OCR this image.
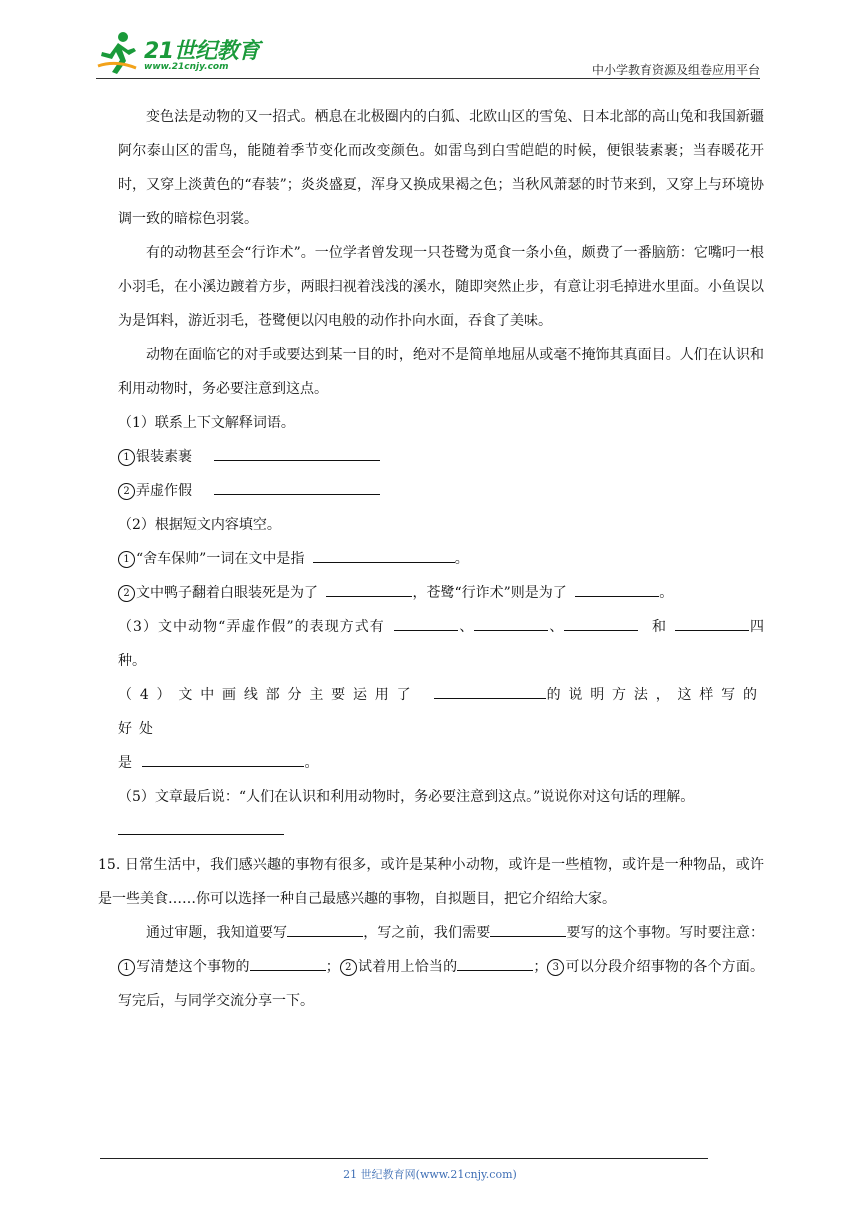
21世纪教育
www.21cnjy.com	中小学教育资源及组卷应用平台

变色法是动物的又一招式。栖息在北极圈内的白狐、北欧山区的雪兔、日本北部的高山兔和我国新疆阿尔泰山区的雷鸟，能随着季节变化而改变颜色。如雷鸟到白雪皑皑的时候，便银装素裹；当春暖花开时，又穿上淡黄色的“春装”；炎炎盛夏，浑身又换成果褐之色；当秋风萧瑟的时节来到，又穿上与环境协调一致的暗棕色羽裳。

有的动物甚至会“行诈术”。一位学者曾发现一只苍鹭为觅食一条小鱼，颇费了一番脑筋：它嘴叼一根小羽毛，在小溪边踱着方步，两眼扫视着浅浅的溪水，随即突然止步，有意让羽毛掉进水里面。小鱼误以为是饵料，游近羽毛，苍鹭便以闪电般的动作扑向水面，吞食了美味。

动物在面临它的对手或要达到某一目的时，绝对不是简单地屈从或毫不掩饰其真面目。人们在认识和利用动物时，务必要注意到这点。

（1）联系上下文解释词语。

1 银装素裹

2 弄虚作假

（2）根据短文内容填空。

1 “舍车保帅”一词在文中是指	。

2 文中鸭子翻着白眼装死是为了	，苍鹭“行诈术”则是为了	。

（3）文中动物“弄虚作假”的表现方式有	、	、	和	四种。

（4）文中画线部分主要运用了	的说明方法，这样写的好处
是	。

（5）文章最后说：“人们在认识和利用动物时，务必要注意到这点。”说说你对这句话的理解。

15. 日常生活中，我们感兴趣的事物有很多，或许是某种小动物，或许是一些植物，或许是一种物品，或许是一些美食……你可以选择一种自己最感兴趣的事物，自拟题目，把它介绍给大家。

通过审题，我知道要写	，写之前，我们需要	要写的这个事物。写时要注意：1 写清楚这个事物的	； 2 试着用上恰当的	； 3 可以分段介绍事物的各个方面。写完后，与同学交流分享一下。

21 世纪教育网(www.21cnjy.com)
